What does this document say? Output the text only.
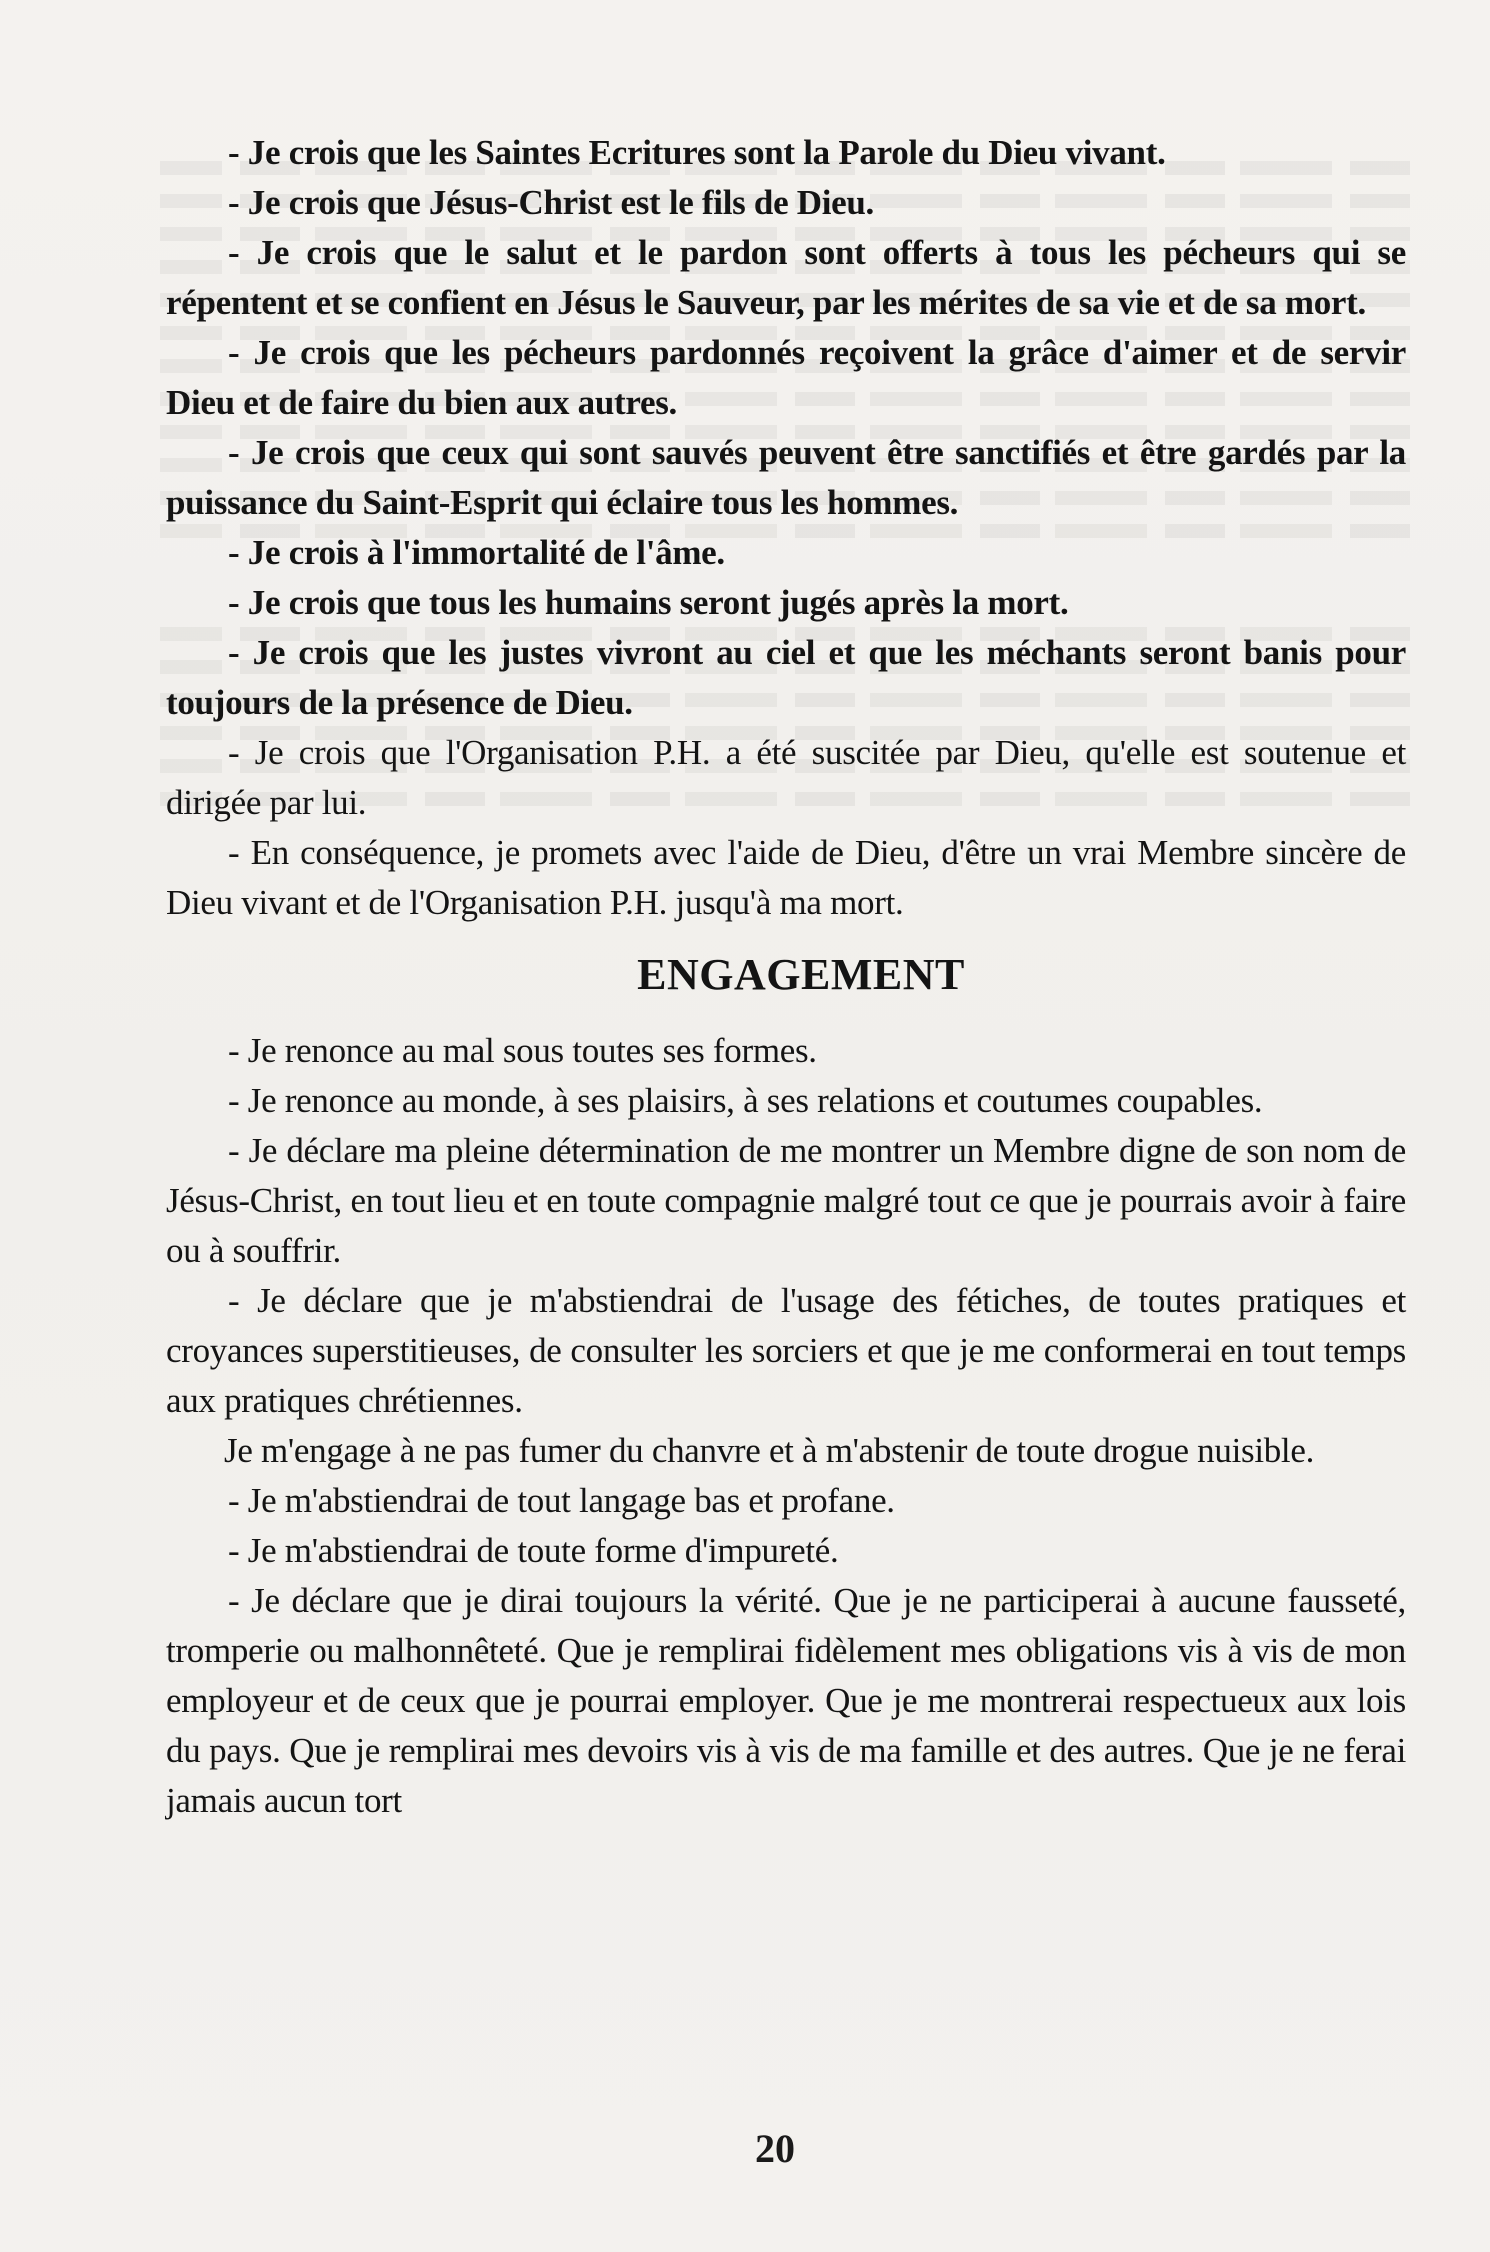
- Je crois que les Saintes Ecritures sont la Parole du Dieu vivant.

- Je crois que Jésus-Christ est le fils de Dieu.

- Je crois que le salut et le pardon sont offerts à tous les pécheurs qui se répentent et se confient en Jésus le Sauveur, par les mérites de sa vie et de sa mort.

- Je crois que les pécheurs pardonnés reçoivent la grâce d'aimer et de servir Dieu et de faire du bien aux autres.

- Je crois que ceux qui sont sauvés peuvent être sanctifiés et être gardés par la puissance du Saint-Esprit qui éclaire tous les hommes.

- Je crois à l'immortalité de l'âme.

- Je crois que tous les humains seront jugés après la mort.

- Je crois que les justes vivront au ciel et que les méchants seront banis pour toujours de la présence de Dieu.

- Je crois que l'Organisation P.H. a été suscitée par Dieu, qu'elle est soutenue et dirigée par lui.

- En conséquence, je promets avec l'aide de Dieu, d'être un vrai Membre sincère de Dieu vivant et de l'Organisation P.H. jusqu'à ma mort.

ENGAGEMENT

- Je renonce au mal sous toutes ses formes.

- Je renonce au monde, à ses plaisirs, à ses relations et coutumes coupables.

- Je déclare ma pleine détermination de me montrer un Membre digne de son nom de Jésus-Christ, en tout lieu et en toute compagnie malgré tout ce que je pourrais avoir à faire ou à souffrir.

- Je déclare que je m'abstiendrai de l'usage des fétiches, de toutes pratiques et croyances superstitieuses, de consulter les sorciers et que je me conformerai en tout temps aux pratiques chrétiennes.

Je m'engage à ne pas fumer du chanvre et à m'abstenir de toute drogue nuisible.

- Je m'abstiendrai de tout langage bas et profane.

- Je m'abstiendrai de toute forme d'impureté.

- Je déclare que je dirai toujours la vérité. Que je ne participerai à aucune fausseté, tromperie ou malhonnêteté. Que je remplirai fidèlement mes obligations vis à vis de mon employeur et de ceux que je pourrai employer. Que je me montrerai respectueux aux lois du pays. Que je remplirai mes devoirs vis à vis de ma famille et des autres. Que je ne ferai jamais aucun tort

20
